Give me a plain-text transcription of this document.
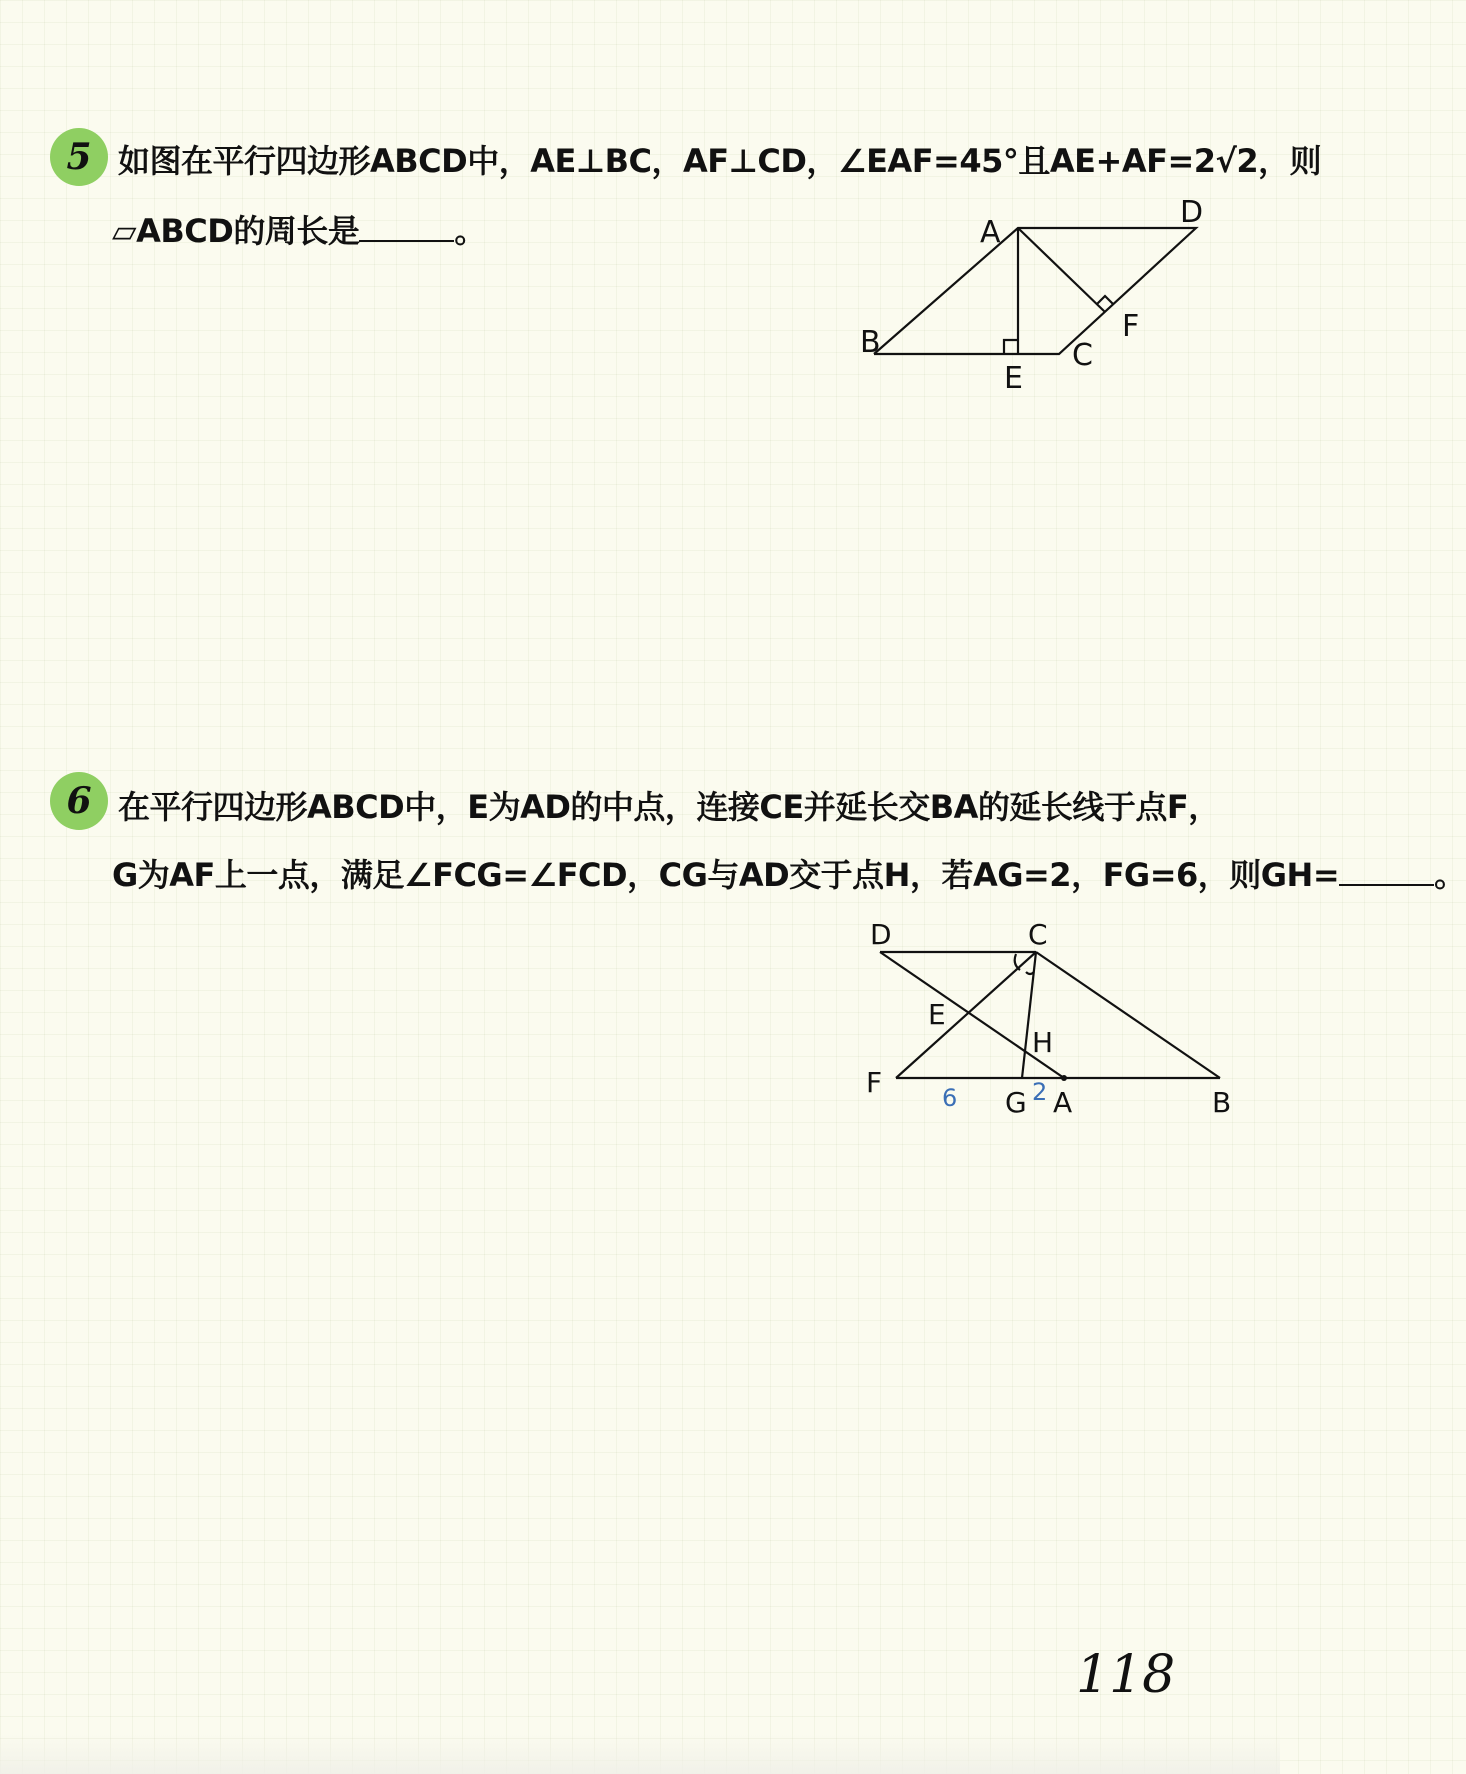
5 如图在平行四边形ABCD中，AE⊥BC，AF⊥CD，∠EAF=45°且AE+AF=2√2，则
▱ABCD的周长是	。	A
D
B	C
E
F
6 在平行四边形ABCD中，E为AD的中点，连接CE并延长交BA的延长线于点F，
G为AF上一点，满足∠FCG=∠FCD，CG与AD交于点H，若AG=2，FG=6，则GH=	。
D	C
E
H
F
G A	B
6	2
118
